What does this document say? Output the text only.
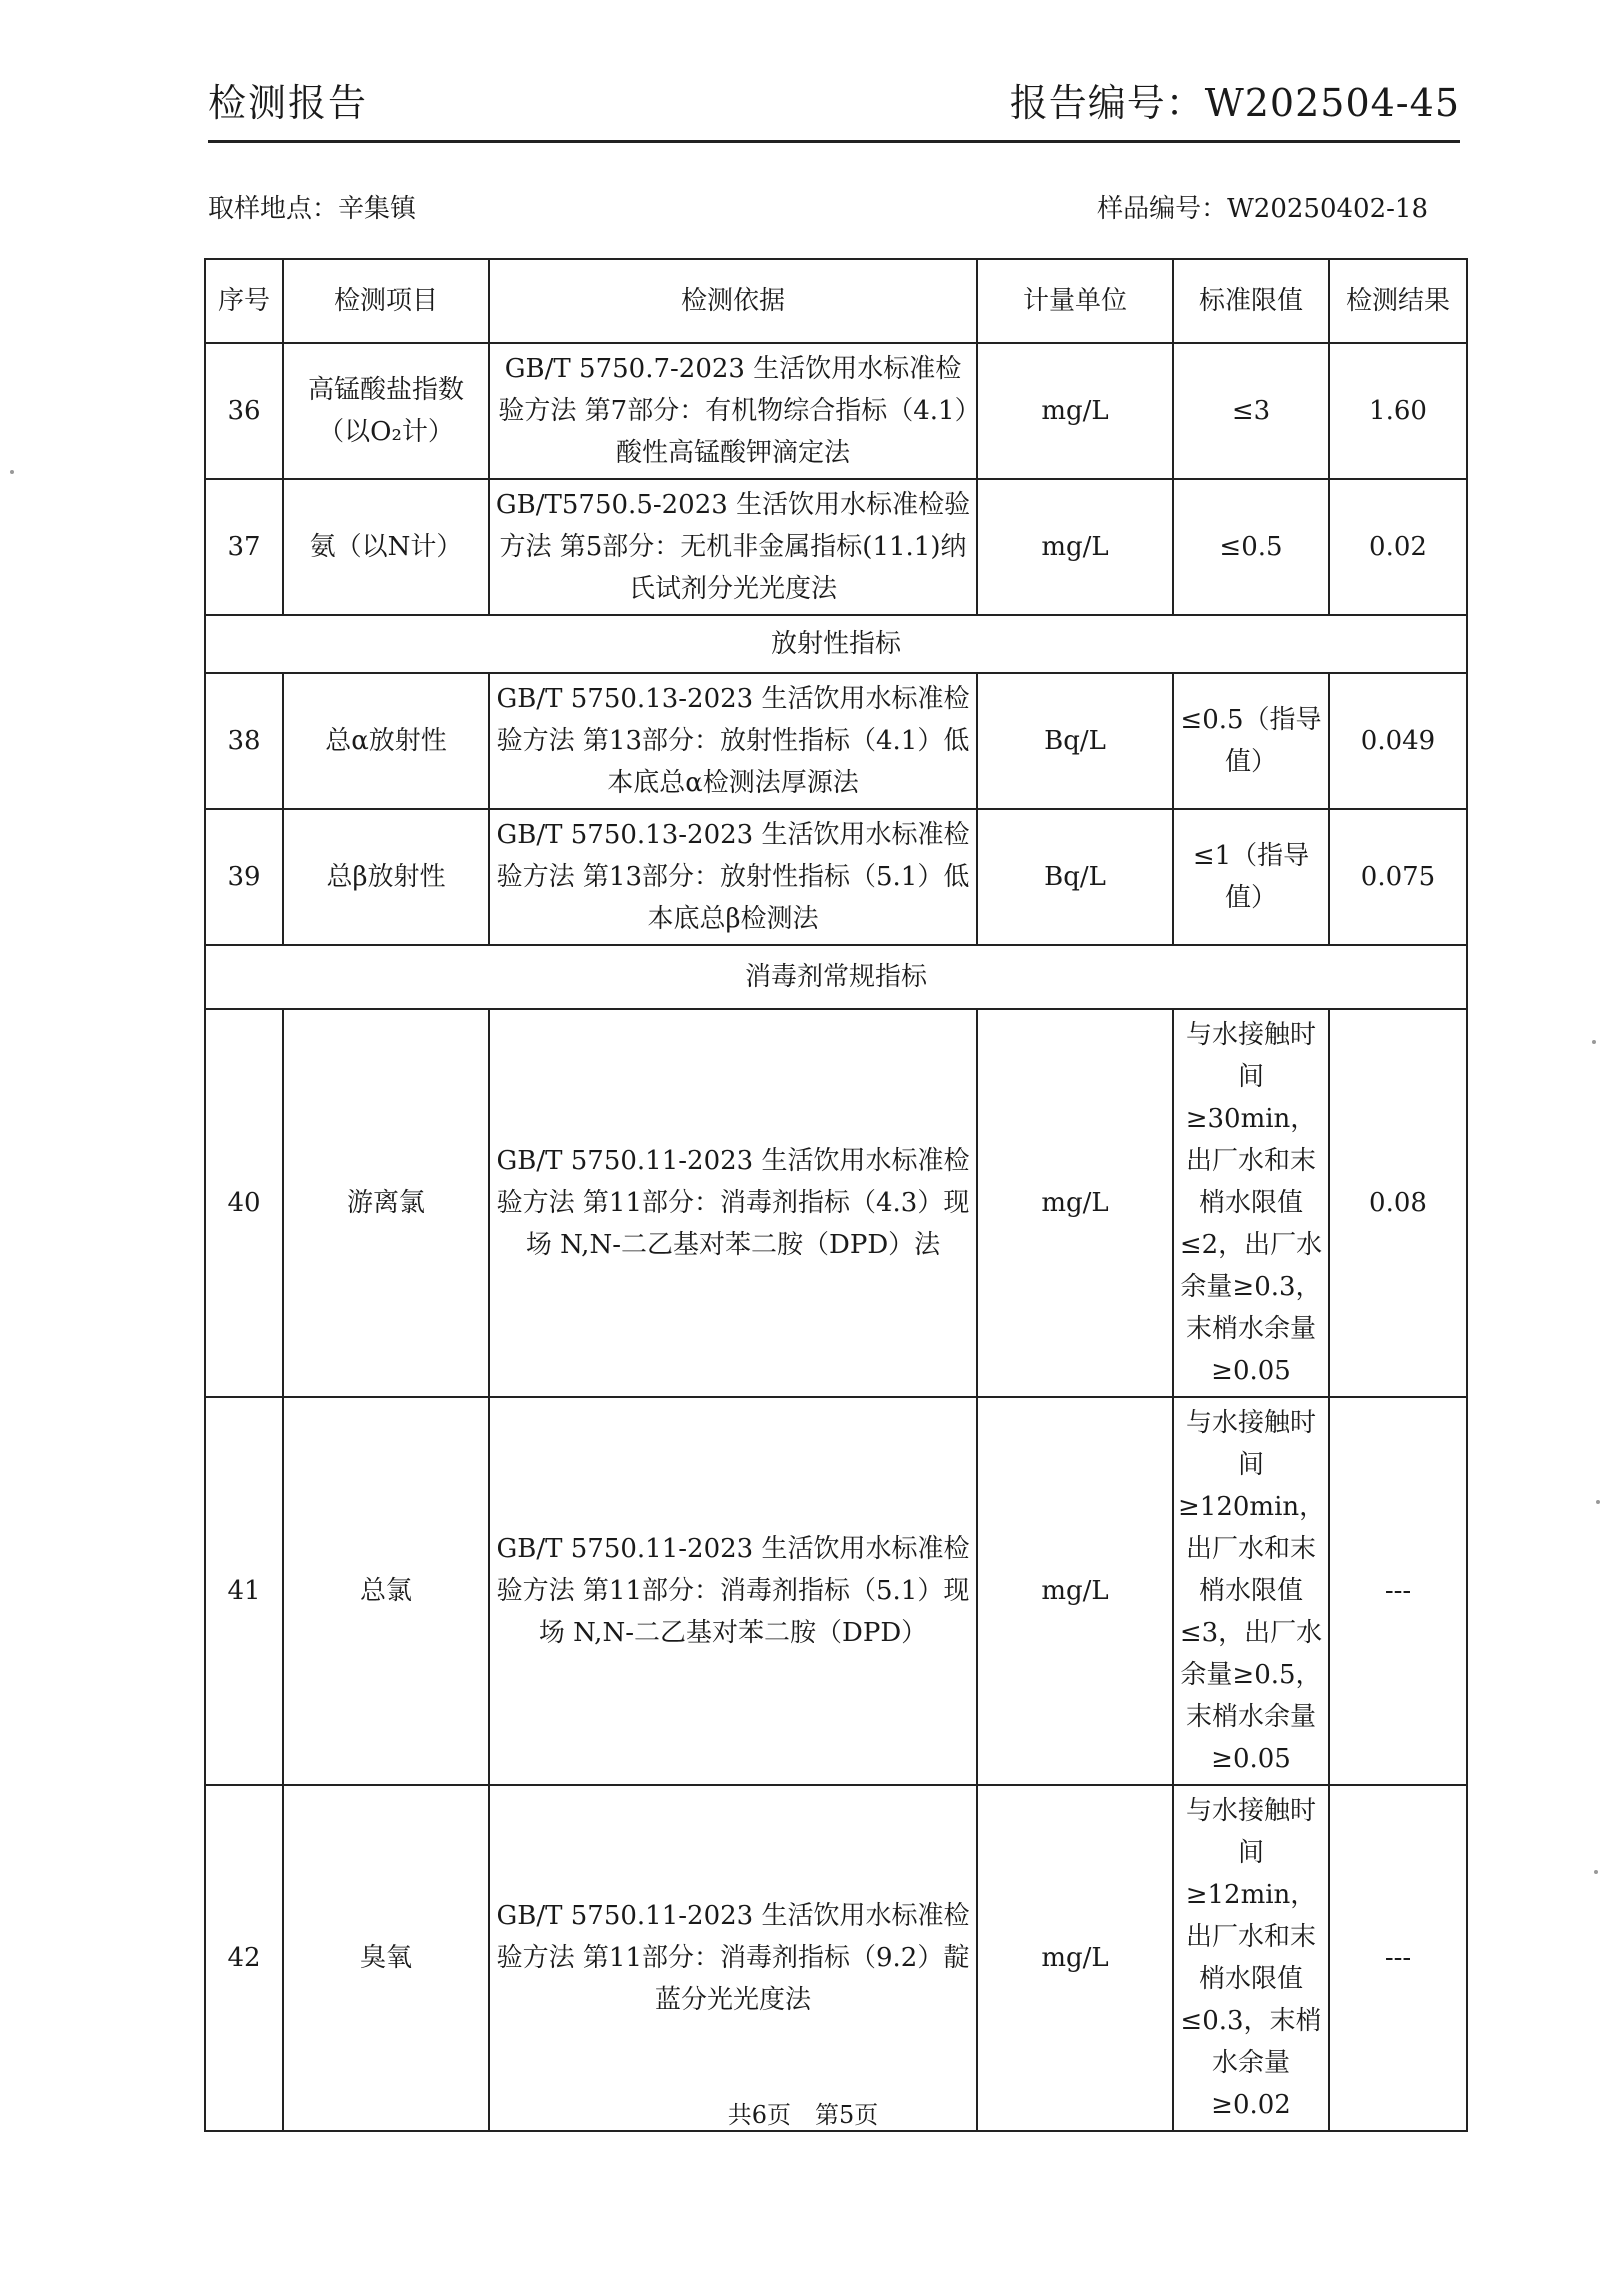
检测报告	报告编号：W202504-45
取样地点：辛集镇	样品编号：W20250402-18
序号	检测项目	检测依据	计量单位	标准限值	检测结果
36	高锰酸盐指数（以O₂计）	GB/T 5750.7-2023 生活饮用水标准检验方法 第7部分：有机物综合指标（4.1）酸性高锰酸钾滴定法	mg/L	≤3	1.60
37	氨（以N计）	GB/T5750.5-2023 生活饮用水标准检验方法 第5部分：无机非金属指标(11.1)纳氏试剂分光光度法	mg/L	≤0.5	0.02
放射性指标					
38	总α放射性	GB/T 5750.13-2023 生活饮用水标准检验方法 第13部分：放射性指标（4.1）低本底总α检测法厚源法	Bq/L	≤0.5（指导值）	0.049
39	总β放射性	GB/T 5750.13-2023 生活饮用水标准检验方法 第13部分：放射性指标（5.1）低本底总β检测法	Bq/L	≤1（指导值）	0.075
消毒剂常规指标					
40	游离氯	GB/T 5750.11-2023 生活饮用水标准检验方法 第11部分：消毒剂指标（4.3）现场 N,N-二乙基对苯二胺（DPD）法	mg/L	与水接触时间≥30min，出厂水和末梢水限值≤2，出厂水余量≥0.3，末梢水余量≥0.05	0.08
41	总氯	GB/T 5750.11-2023 生活饮用水标准检验方法 第11部分：消毒剂指标（5.1）现场 N,N-二乙基对苯二胺（DPD）	mg/L	与水接触时间≥120min，出厂水和末梢水限值≤3，出厂水余量≥0.5，末梢水余量≥0.05	---
42	臭氧	GB/T 5750.11-2023 生活饮用水标准检验方法 第11部分：消毒剂指标（9.2）靛蓝分光光度法	mg/L	与水接触时间≥12min，出厂水和末梢水限值≤0.3，末梢水余量≥0.02	---
共6页　第5页
